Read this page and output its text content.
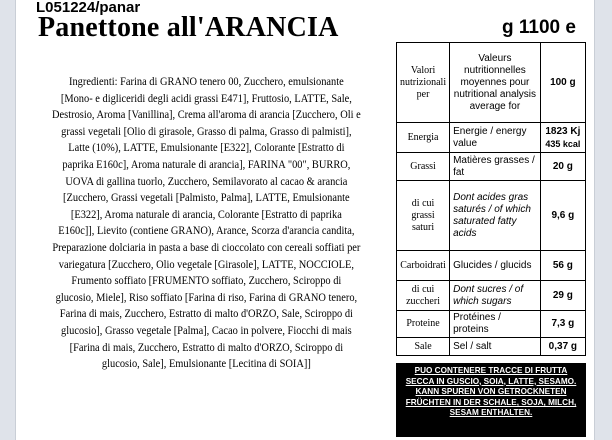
L051224/panar
Panettone all'ARANCIA	g 1100 e
Ingredienti: Farina di GRANO tenero 00, Zucchero, emulsionante [Mono- e digliceridi degli acidi grassi E471], Fruttosio, LATTE, Sale, Destrosio, Aroma [Vanillina], Crema all'aroma di arancia [Zucchero, Oli e grassi vegetali [Olio di girasole, Grasso di palma, Grasso di palmisti], Latte (10%), LATTE, Emulsionante [E322], Colorante [Estratto di paprika E160c], Aroma naturale di arancia], FARINA "00", BURRO, UOVA di gallina tuorlo, Zucchero, Semilavorato al cacao & arancia [Zucchero, Grassi vegetali [Palmisto, Palma], LATTE, Emulsionante [E322], Aroma naturale di arancia, Colorante [Estratto di paprika E160c]], Lievito (contiene GRANO), Arance, Scorza d'arancia candita, Preparazione dolciaria in pasta a base di cioccolato con cereali soffiati per variegatura [Zucchero, Olio vegetale [Girasole], LATTE, NOCCIOLE, Frumento soffiato [FRUMENTO soffiato, Zucchero, Sciroppo di glucosio, Miele], Riso soffiato [Farina di riso, Farina di GRANO tenero, Farina di mais, Zucchero, Estratto di malto d'ORZO, Sale, Sciroppo di glucosio], Grasso vegetale [Palma], Cacao in polvere, Fiocchi di mais [Farina di mais, Zucchero, Estratto di malto d'ORZO, Sciroppo di glucosio, Sale], Emulsionante [Lecitina di SOIA]]
Valori nutrizionali per	Valeurs nutritionnelles moyennes pour nutritional analysis average for	100 g
Energia	Energie / energy value	1823 Kj
435 kcal

Grassi	Matières grasses / fat	20 g
di cui grassi saturi	Dont acides gras saturés / of which saturated fatty acids	9,6 g
Carboidrati	Glucides / glucids	56 g
di cui zuccheri	Dont sucres / of which sugars	29 g
Proteine	Protéines / proteins	7,3 g
Sale	Sel / salt	0,37 g
PUO CONTENERE TRACCE DI FRUTTA SECCA IN GUSCIO, SOIA, LATTE, SESAMO. KANN SPUREN VON GETROCKNETEN FRÜCHTEN IN DER SCHALE, SOJA, MILCH, SESAM ENTHALTEN.
